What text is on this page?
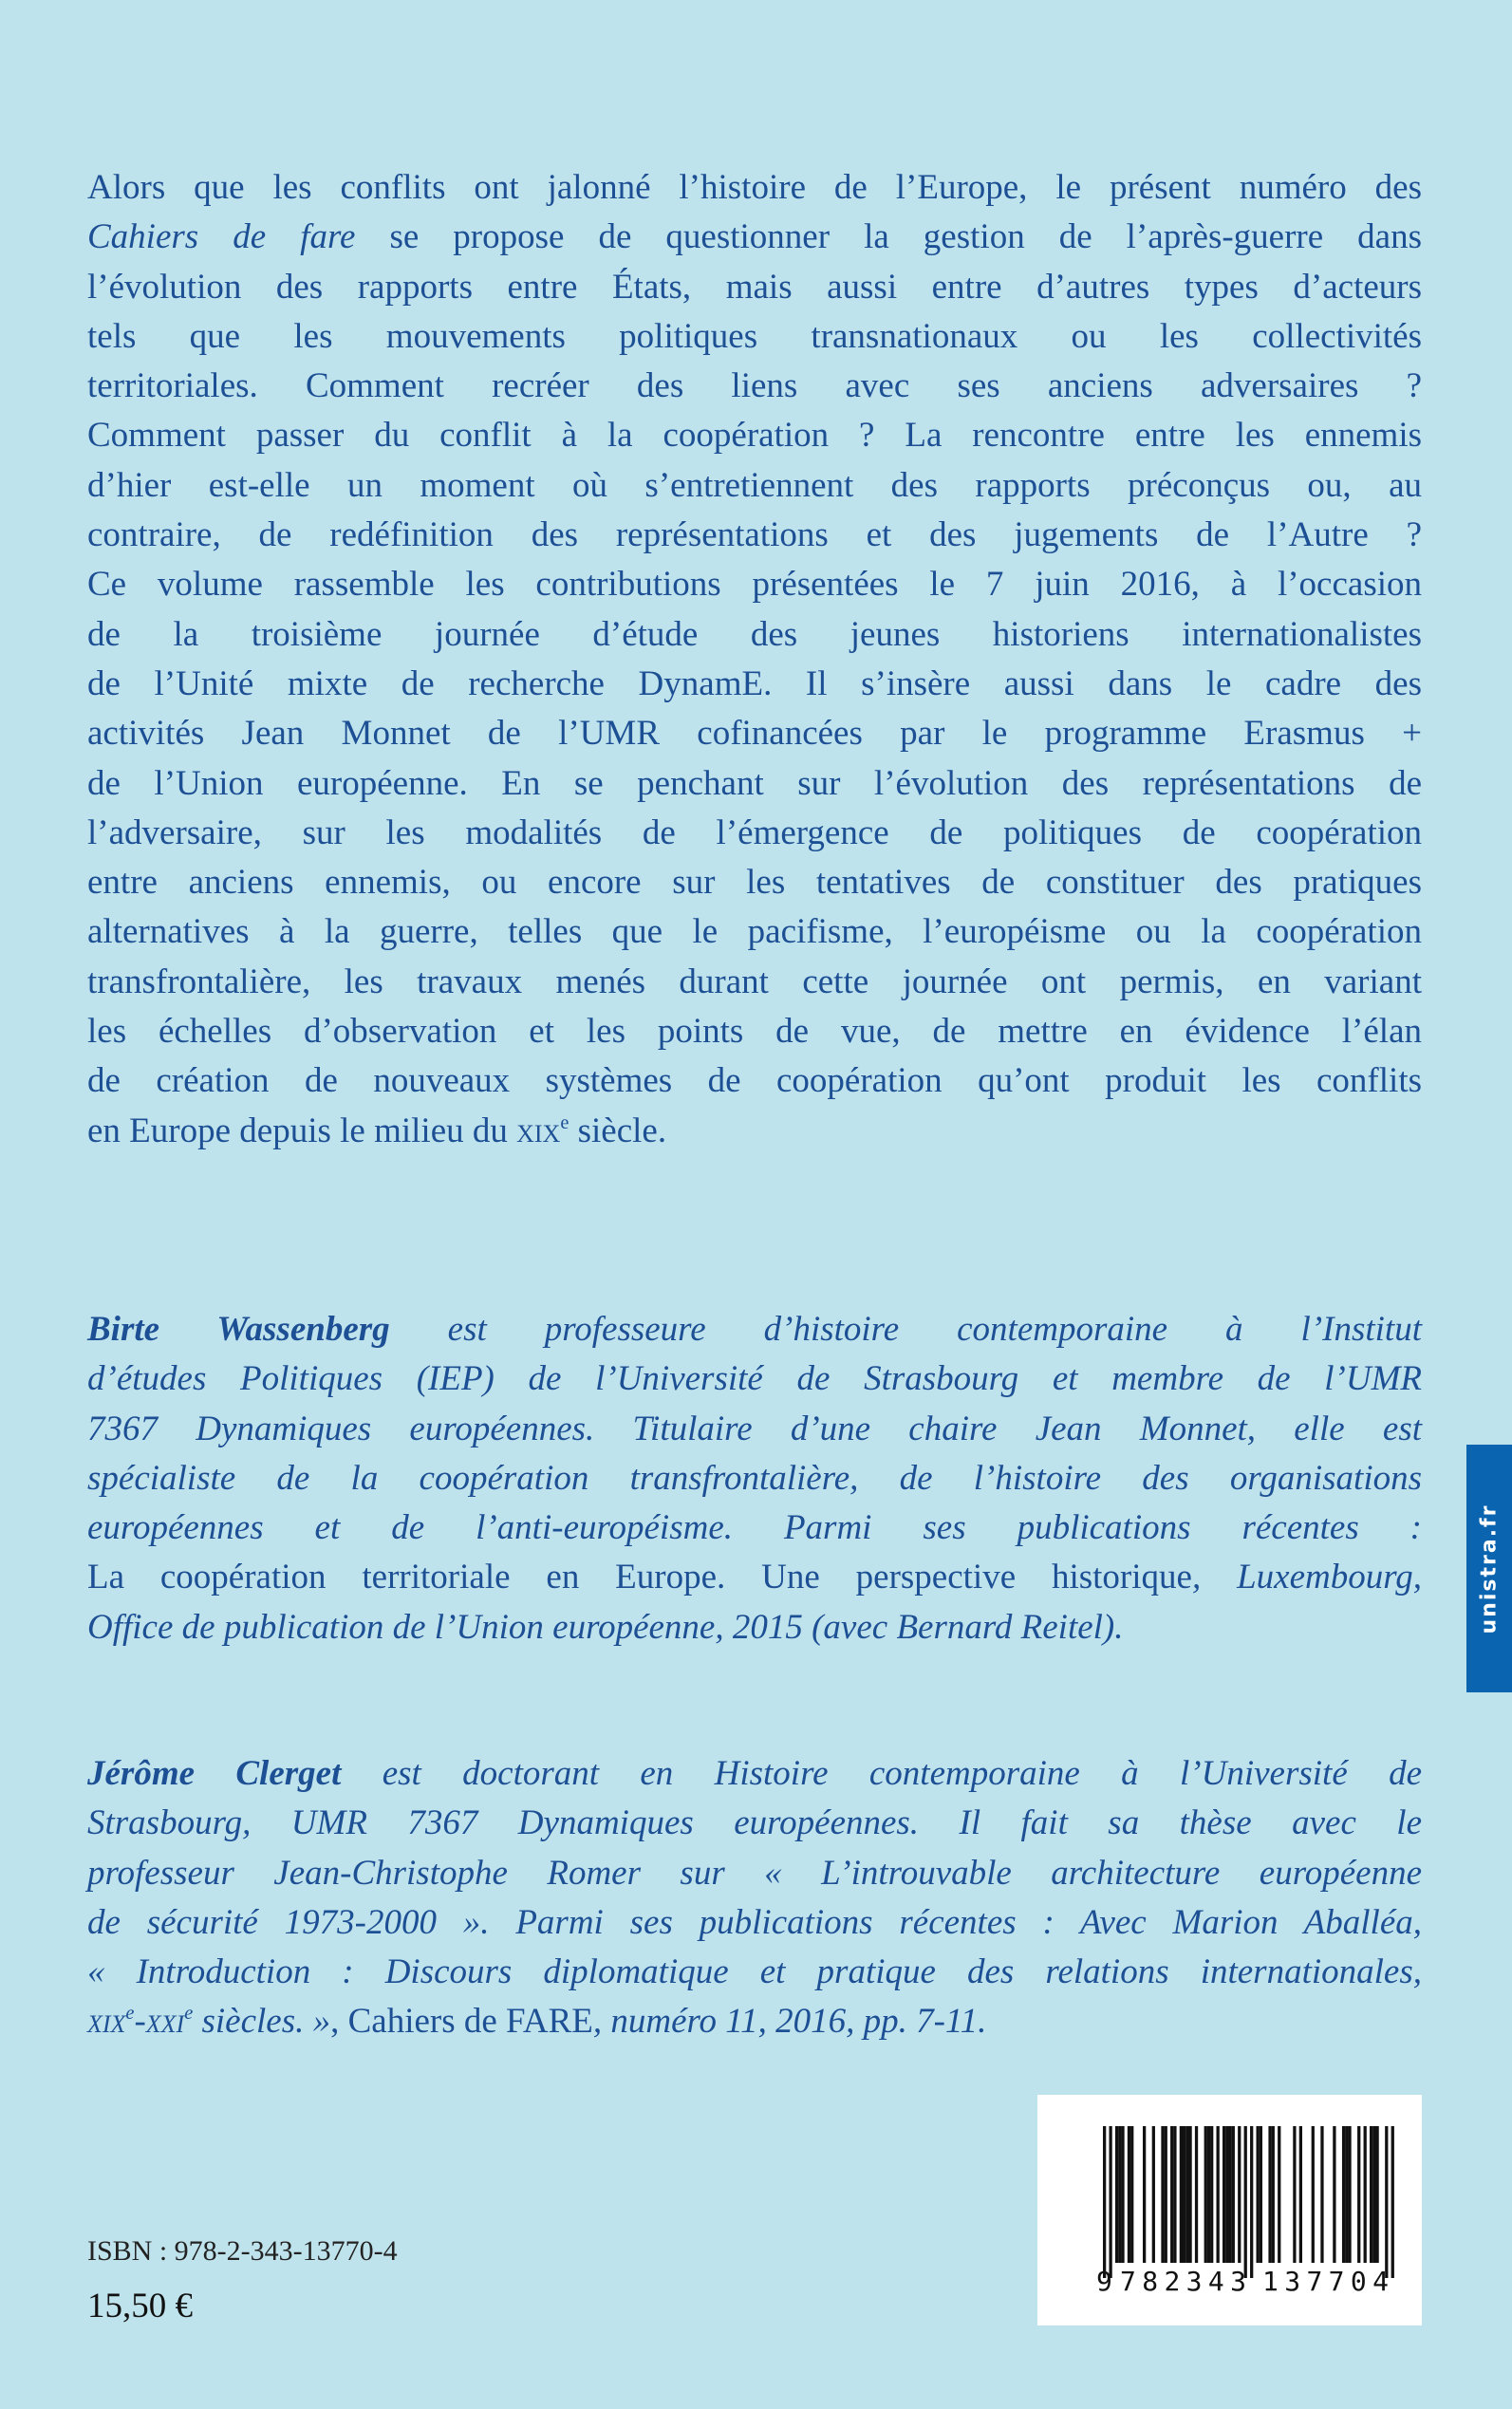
Alors que les conflits ont jalonné l’histoire de l’Europe, le présent numéro des
Cahiers de fare se propose de questionner la gestion de l’après-guerre dans
l’évolution des rapports entre États, mais aussi entre d’autres types d’acteurs
tels que les mouvements politiques transnationaux ou les collectivités
territoriales. Comment recréer des liens avec ses anciens adversaires ?
Comment passer du conflit à la coopération ? La rencontre entre les ennemis
d’hier est-elle un moment où s’entretiennent des rapports préconçus ou, au
contraire, de redéfinition des représentations et des jugements de l’Autre ?
Ce volume rassemble les contributions présentées le 7 juin 2016, à l’occasion
de la troisième journée d’étude des jeunes historiens internationalistes
de l’Unité mixte de recherche DynamE. Il s’insère aussi dans le cadre des
activités Jean Monnet de l’UMR cofinancées par le programme Erasmus +
de l’Union européenne. En se penchant sur l’évolution des représentations de
l’adversaire, sur les modalités de l’émergence de politiques de coopération
entre anciens ennemis, ou encore sur les tentatives de constituer des pratiques
alternatives à la guerre, telles que le pacifisme, l’européisme ou la coopération
transfrontalière, les travaux menés durant cette journée ont permis, en variant
les échelles d’observation et les points de vue, de mettre en évidence l’élan
de création de nouveaux systèmes de coopération qu’ont produit les conflits
en Europe depuis le milieu du xix$^e$ siècle.
Birte Wassenberg est professeure d’histoire contemporaine à l’Institut
d’études Politiques (IEP) de l’Université de Strasbourg et membre de l’UMR
7367 Dynamiques européennes. Titulaire d’une chaire Jean Monnet, elle est
spécialiste de la coopération transfrontalière, de l’histoire des organisations
européennes et de l’anti-européisme. Parmi ses publications récentes :
La coopération territoriale en Europe. Une perspective historique, Luxembourg,
Office de publication de l’Union européenne, 2015 (avec Bernard Reitel).
Jérôme Clerget est doctorant en Histoire contemporaine à l’Université de
Strasbourg, UMR 7367 Dynamiques européennes. Il fait sa thèse avec le
professeur Jean-Christophe Romer sur « L’introuvable architecture européenne
de sécurité 1973-2000 ». Parmi ses publications récentes : Avec Marion Aballéa,
« Introduction : Discours diplomatique et pratique des relations internationales,
xix$^e$-xxi$^e$ siècles. », Cahiers de FARE, numéro 11, 2016, pp. 7-11.
ISBN : 978-2-343-13770-4
15,50 €
unistra.fr
9 782343 137704
